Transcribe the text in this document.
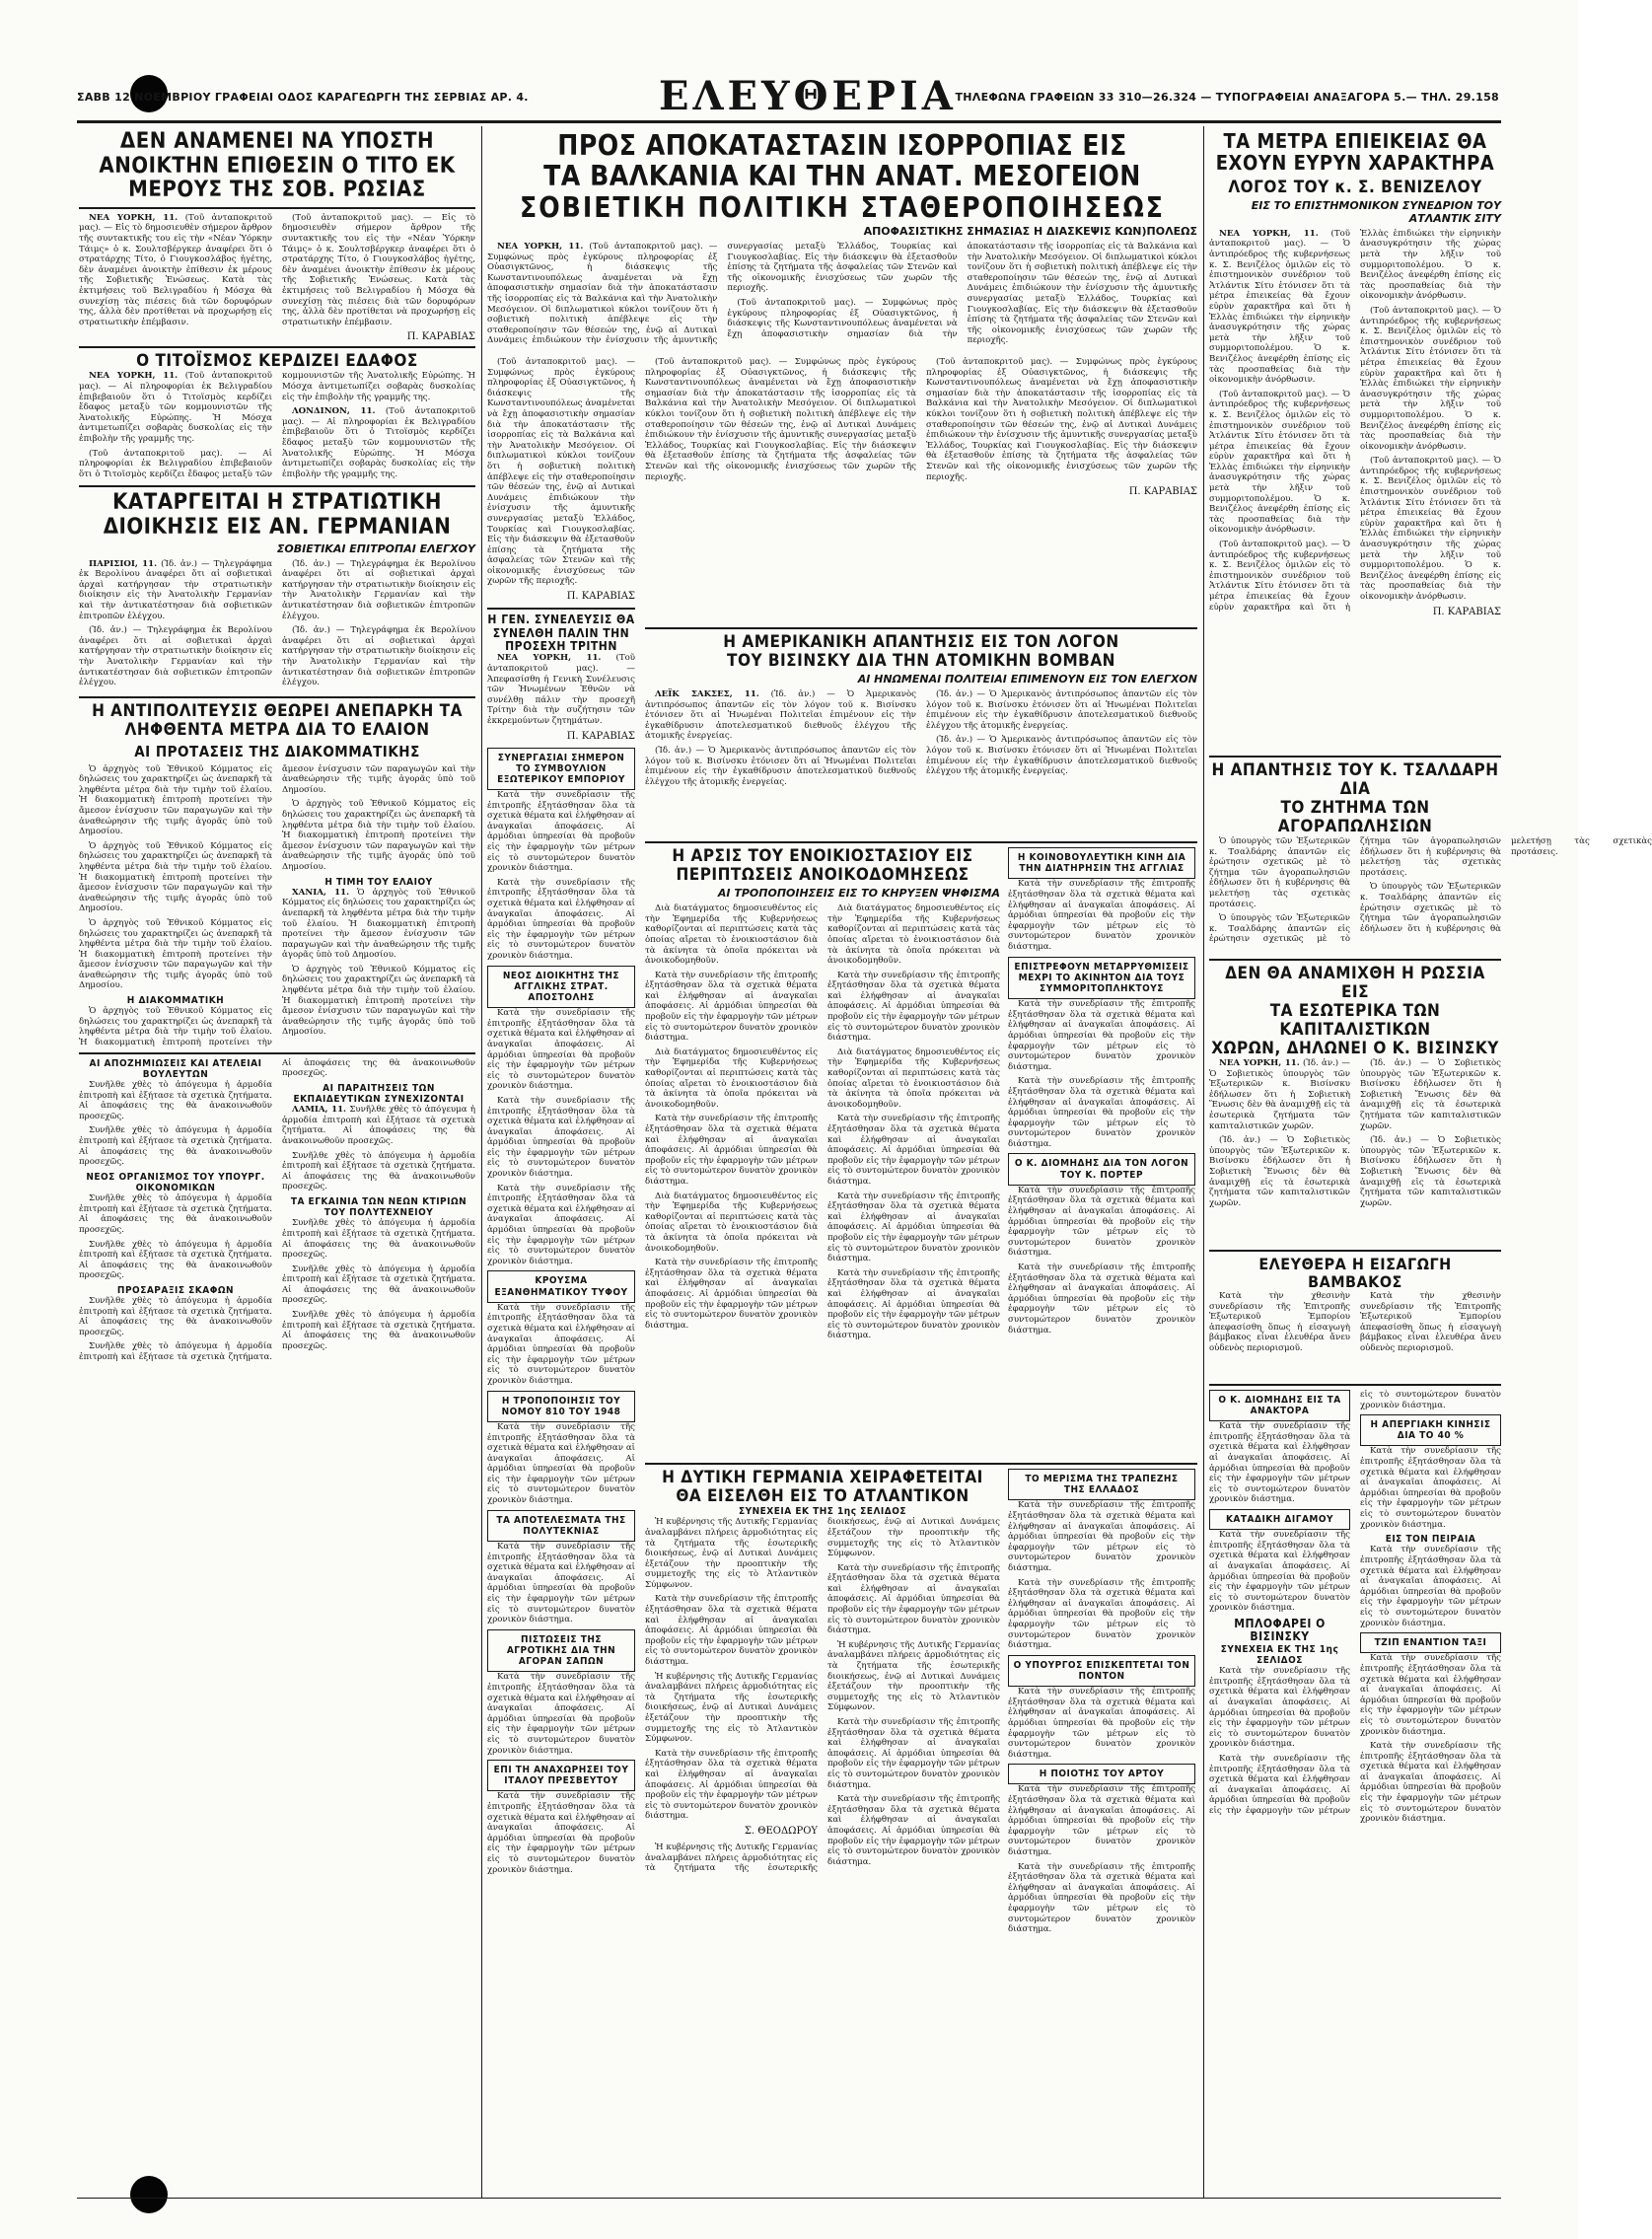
ΣΑΒΒ 12 ΝΟΕΜΒΡΙΟΥ ΓΡΑΦΕΙΑΙ ΟΔΟΣ ΚΑΡΑΓΕΩΡΓΗ ΤΗΣ ΣΕΡΒΙΑΣ ΑΡ. 4.	ΕΛΕΥΘΕΡΙΑ
ΤΗΛΕΦΩΝΑ ΓΡΑΦΕΙΩΝ 33 310—26.324 — ΤΥΠΟΓΡΑΦΕΙΑΙ ΑΝΑΞΑΓΟΡΑ 5.— ΤΗΛ. 29.158
ΔΕΝ ΑΝΑΜΕΝΕΙ ΝΑ ΥΠΟΣΤΗ ΑΝΟΙΚΤΗΝ ΕΠΙΘΕΣΙΝ Ο ΤΙΤΟ ΕΚ ΜΕΡΟΥΣ ΤΗΣ ΣΟΒ. ΡΩΣΙΑΣ

ΝΕΑ ΥΟΡΚΗ, 11. (Τοῦ ἀνταποκριτοῦ μας). — Εἰς τὸ δημοσιευθὲν σήμερον ἄρθρον τῆς συντακτικῆς του εἰς τὴν «Νέαν Ὑόρκην Τάιμς» ὁ κ. Σουλτσβέργκερ ἀναφέρει ὅτι ὁ στρατάρχης Τίτο, ὁ Γιουγκοσλάβος ἡγέτης, δὲν ἀναμένει ἀνοικτὴν ἐπίθεσιν ἐκ μέρους τῆς Σοβιετικῆς Ἑνώσεως. Κατὰ τὰς ἐκτιμήσεις τοῦ Βελιγραδίου ἡ Μόσχα θὰ συνεχίσῃ τὰς πιέσεις διὰ τῶν δορυφόρων της, ἀλλὰ δὲν προτίθεται νὰ προχωρήσῃ εἰς στρατιωτικὴν ἐπέμβασιν.

(Τοῦ ἀνταποκριτοῦ μας). — Εἰς τὸ δημοσιευθὲν σήμερον ἄρθρον τῆς συντακτικῆς του εἰς τὴν «Νέαν Ὑόρκην Τάιμς» ὁ κ. Σουλτσβέργκερ ἀναφέρει ὅτι ὁ στρατάρχης Τίτο, ὁ Γιουγκοσλάβος ἡγέτης, δὲν ἀναμένει ἀνοικτὴν ἐπίθεσιν ἐκ μέρους τῆς Σοβιετικῆς Ἑνώσεως. Κατὰ τὰς ἐκτιμήσεις τοῦ Βελιγραδίου ἡ Μόσχα θὰ συνεχίσῃ τὰς πιέσεις διὰ τῶν δορυφόρων της, ἀλλὰ δὲν προτίθεται νὰ προχωρήσῃ εἰς στρατιωτικὴν ἐπέμβασιν.

Π. ΚΑΡΑΒΙΑΣ

Ο ΤΙΤΟΪΣΜΟΣ ΚΕΡΔΙΖΕΙ ΕΔΑΦΟΣ

ΝΕΑ ΥΟΡΚΗ, 11. (Τοῦ ἀνταποκριτοῦ μας). — Αἱ πληροφορίαι ἐκ Βελιγραδίου ἐπιβεβαιοῦν ὅτι ὁ Τιτοϊσμὸς κερδίζει ἔδαφος μεταξὺ τῶν κομμουνιστῶν τῆς Ἀνατολικῆς Εὐρώπης. Ἡ Μόσχα ἀντιμετωπίζει σοβαρὰς δυσκολίας εἰς τὴν ἐπιβολὴν τῆς γραμμῆς της.

(Τοῦ ἀνταποκριτοῦ μας). — Αἱ πληροφορίαι ἐκ Βελιγραδίου ἐπιβεβαιοῦν ὅτι ὁ Τιτοϊσμὸς κερδίζει ἔδαφος μεταξὺ τῶν κομμουνιστῶν τῆς Ἀνατολικῆς Εὐρώπης. Ἡ Μόσχα ἀντιμετωπίζει σοβαρὰς δυσκολίας εἰς τὴν ἐπιβολὴν τῆς γραμμῆς της.

ΛΟΝΔΙΝΟΝ, 11. (Τοῦ ἀνταποκριτοῦ μας). — Αἱ πληροφορίαι ἐκ Βελιγραδίου ἐπιβεβαιοῦν ὅτι ὁ Τιτοϊσμὸς κερδίζει ἔδαφος μεταξὺ τῶν κομμουνιστῶν τῆς Ἀνατολικῆς Εὐρώπης. Ἡ Μόσχα ἀντιμετωπίζει σοβαρὰς δυσκολίας εἰς τὴν ἐπιβολὴν τῆς γραμμῆς της.

ΚΑΤΑΡΓΕΙΤΑΙ Η ΣΤΡΑΤΙΩΤΙΚΗ ΔΙΟΙΚΗΣΙΣ ΕΙΣ ΑΝ. ΓΕΡΜΑΝΙΑΝ

ΣΟΒΙΕΤΙΚΑΙ ΕΠΙΤΡΟΠΑΙ ΕΛΕΓΧΟΥ

ΠΑΡΙΣΙΟΙ, 11. (Ἰδ. ἀν.) — Τηλεγράφημα ἐκ Βερολίνου ἀναφέρει ὅτι αἱ σοβιετικαὶ ἀρχαὶ κατήργησαν τὴν στρατιωτικὴν διοίκησιν εἰς τὴν Ἀνατολικὴν Γερμανίαν καὶ τὴν ἀντικατέστησαν διὰ σοβιετικῶν ἐπιτροπῶν ἐλέγχου.

(Ἰδ. ἀν.) — Τηλεγράφημα ἐκ Βερολίνου ἀναφέρει ὅτι αἱ σοβιετικαὶ ἀρχαὶ κατήργησαν τὴν στρατιωτικὴν διοίκησιν εἰς τὴν Ἀνατολικὴν Γερμανίαν καὶ τὴν ἀντικατέστησαν διὰ σοβιετικῶν ἐπιτροπῶν ἐλέγχου.

(Ἰδ. ἀν.) — Τηλεγράφημα ἐκ Βερολίνου ἀναφέρει ὅτι αἱ σοβιετικαὶ ἀρχαὶ κατήργησαν τὴν στρατιωτικὴν διοίκησιν εἰς τὴν Ἀνατολικὴν Γερμανίαν καὶ τὴν ἀντικατέστησαν διὰ σοβιετικῶν ἐπιτροπῶν ἐλέγχου.

(Ἰδ. ἀν.) — Τηλεγράφημα ἐκ Βερολίνου ἀναφέρει ὅτι αἱ σοβιετικαὶ ἀρχαὶ κατήργησαν τὴν στρατιωτικὴν διοίκησιν εἰς τὴν Ἀνατολικὴν Γερμανίαν καὶ τὴν ἀντικατέστησαν διὰ σοβιετικῶν ἐπιτροπῶν ἐλέγχου.

Η ΑΝΤΙΠΟΛΙΤΕΥΣΙΣ ΘΕΩΡΕΙ ΑΝΕΠΑΡΚΗ ΤΑ ΛΗΦΘΕΝΤΑ ΜΕΤΡΑ ΔΙΑ ΤΟ ΕΛΑΙΟΝ

ΑΙ ΠΡΟΤΑΣΕΙΣ ΤΗΣ ΔΙΑΚΟΜΜΑΤΙΚΗΣ

Ὁ ἀρχηγὸς τοῦ Ἐθνικοῦ Κόμματος εἰς δηλώσεις του χαρακτηρίζει ὡς ἀνεπαρκῆ τὰ ληφθέντα μέτρα διὰ τὴν τιμὴν τοῦ ἐλαίου. Ἡ διακομματικὴ ἐπιτροπὴ προτείνει τὴν ἄμεσον ἐνίσχυσιν τῶν παραγωγῶν καὶ τὴν ἀναθεώρησιν τῆς τιμῆς ἀγορᾶς ὑπὸ τοῦ Δημοσίου.

Ὁ ἀρχηγὸς τοῦ Ἐθνικοῦ Κόμματος εἰς δηλώσεις του χαρακτηρίζει ὡς ἀνεπαρκῆ τὰ ληφθέντα μέτρα διὰ τὴν τιμὴν τοῦ ἐλαίου. Ἡ διακομματικὴ ἐπιτροπὴ προτείνει τὴν ἄμεσον ἐνίσχυσιν τῶν παραγωγῶν καὶ τὴν ἀναθεώρησιν τῆς τιμῆς ἀγορᾶς ὑπὸ τοῦ Δημοσίου.

Ὁ ἀρχηγὸς τοῦ Ἐθνικοῦ Κόμματος εἰς δηλώσεις του χαρακτηρίζει ὡς ἀνεπαρκῆ τὰ ληφθέντα μέτρα διὰ τὴν τιμὴν τοῦ ἐλαίου. Ἡ διακομματικὴ ἐπιτροπὴ προτείνει τὴν ἄμεσον ἐνίσχυσιν τῶν παραγωγῶν καὶ τὴν ἀναθεώρησιν τῆς τιμῆς ἀγορᾶς ὑπὸ τοῦ Δημοσίου.

Η ΔΙΑΚΟΜΜΑΤΙΚΗ

Ὁ ἀρχηγὸς τοῦ Ἐθνικοῦ Κόμματος εἰς δηλώσεις του χαρακτηρίζει ὡς ἀνεπαρκῆ τὰ ληφθέντα μέτρα διὰ τὴν τιμὴν τοῦ ἐλαίου. Ἡ διακομματικὴ ἐπιτροπὴ προτείνει τὴν ἄμεσον ἐνίσχυσιν τῶν παραγωγῶν καὶ τὴν ἀναθεώρησιν τῆς τιμῆς ἀγορᾶς ὑπὸ τοῦ Δημοσίου.

Ὁ ἀρχηγὸς τοῦ Ἐθνικοῦ Κόμματος εἰς δηλώσεις του χαρακτηρίζει ὡς ἀνεπαρκῆ τὰ ληφθέντα μέτρα διὰ τὴν τιμὴν τοῦ ἐλαίου. Ἡ διακομματικὴ ἐπιτροπὴ προτείνει τὴν ἄμεσον ἐνίσχυσιν τῶν παραγωγῶν καὶ τὴν ἀναθεώρησιν τῆς τιμῆς ἀγορᾶς ὑπὸ τοῦ Δημοσίου.

Η ΤΙΜΗ ΤΟΥ ΕΛΑΙΟΥ

ΧΑΝΙΑ, 11. Ὁ ἀρχηγὸς τοῦ Ἐθνικοῦ Κόμματος εἰς δηλώσεις του χαρακτηρίζει ὡς ἀνεπαρκῆ τὰ ληφθέντα μέτρα διὰ τὴν τιμὴν τοῦ ἐλαίου. Ἡ διακομματικὴ ἐπιτροπὴ προτείνει τὴν ἄμεσον ἐνίσχυσιν τῶν παραγωγῶν καὶ τὴν ἀναθεώρησιν τῆς τιμῆς ἀγορᾶς ὑπὸ τοῦ Δημοσίου.

Ὁ ἀρχηγὸς τοῦ Ἐθνικοῦ Κόμματος εἰς δηλώσεις του χαρακτηρίζει ὡς ἀνεπαρκῆ τὰ ληφθέντα μέτρα διὰ τὴν τιμὴν τοῦ ἐλαίου. Ἡ διακομματικὴ ἐπιτροπὴ προτείνει τὴν ἄμεσον ἐνίσχυσιν τῶν παραγωγῶν καὶ τὴν ἀναθεώρησιν τῆς τιμῆς ἀγορᾶς ὑπὸ τοῦ Δημοσίου.

ΑΙ ΑΠΟΖΗΜΙΩΣΕΙΣ ΚΑΙ ΑΤΕΛΕΙΑΙ ΒΟΥΛΕΥΤΩΝ

Συνῆλθε χθὲς τὸ ἀπόγευμα ἡ ἁρμοδία ἐπιτροπὴ καὶ ἐξήτασε τὰ σχετικὰ ζητήματα. Αἱ ἀποφάσεις της θὰ ἀνακοινωθοῦν προσεχῶς.

Συνῆλθε χθὲς τὸ ἀπόγευμα ἡ ἁρμοδία ἐπιτροπὴ καὶ ἐξήτασε τὰ σχετικὰ ζητήματα. Αἱ ἀποφάσεις της θὰ ἀνακοινωθοῦν προσεχῶς.

ΝΕΟΣ ΟΡΓΑΝΙΣΜΟΣ ΤΟΥ ΥΠΟΥΡΓ. ΟΙΚΟΝΟΜΙΚΩΝ

Συνῆλθε χθὲς τὸ ἀπόγευμα ἡ ἁρμοδία ἐπιτροπὴ καὶ ἐξήτασε τὰ σχετικὰ ζητήματα. Αἱ ἀποφάσεις της θὰ ἀνακοινωθοῦν προσεχῶς.

Συνῆλθε χθὲς τὸ ἀπόγευμα ἡ ἁρμοδία ἐπιτροπὴ καὶ ἐξήτασε τὰ σχετικὰ ζητήματα. Αἱ ἀποφάσεις της θὰ ἀνακοινωθοῦν προσεχῶς.

ΠΡΟΣΑΡΑΞΙΣ ΣΚΑΦΩΝ

Συνῆλθε χθὲς τὸ ἀπόγευμα ἡ ἁρμοδία ἐπιτροπὴ καὶ ἐξήτασε τὰ σχετικὰ ζητήματα. Αἱ ἀποφάσεις της θὰ ἀνακοινωθοῦν προσεχῶς.

Συνῆλθε χθὲς τὸ ἀπόγευμα ἡ ἁρμοδία ἐπιτροπὴ καὶ ἐξήτασε τὰ σχετικὰ ζητήματα. Αἱ ἀποφάσεις της θὰ ἀνακοινωθοῦν προσεχῶς.

ΑΙ ΠΑΡΑΙΤΗΣΕΙΣ ΤΩΝ ΕΚΠΑΙΔΕΥΤΙΚΩΝ ΣΥΝΕΧΙΖΟΝΤΑΙ

ΛΑΜΙΑ, 11. Συνῆλθε χθὲς τὸ ἀπόγευμα ἡ ἁρμοδία ἐπιτροπὴ καὶ ἐξήτασε τὰ σχετικὰ ζητήματα. Αἱ ἀποφάσεις της θὰ ἀνακοινωθοῦν προσεχῶς.

Συνῆλθε χθὲς τὸ ἀπόγευμα ἡ ἁρμοδία ἐπιτροπὴ καὶ ἐξήτασε τὰ σχετικὰ ζητήματα. Αἱ ἀποφάσεις της θὰ ἀνακοινωθοῦν προσεχῶς.

ΤΑ ΕΓΚΑΙΝΙΑ ΤΩΝ ΝΕΩΝ ΚΤΙΡΙΩΝ ΤΟΥ ΠΟΛΥΤΕΧΝΕΙΟΥ

Συνῆλθε χθὲς τὸ ἀπόγευμα ἡ ἁρμοδία ἐπιτροπὴ καὶ ἐξήτασε τὰ σχετικὰ ζητήματα. Αἱ ἀποφάσεις της θὰ ἀνακοινωθοῦν προσεχῶς.

Συνῆλθε χθὲς τὸ ἀπόγευμα ἡ ἁρμοδία ἐπιτροπὴ καὶ ἐξήτασε τὰ σχετικὰ ζητήματα. Αἱ ἀποφάσεις της θὰ ἀνακοινωθοῦν προσεχῶς.

Συνῆλθε χθὲς τὸ ἀπόγευμα ἡ ἁρμοδία ἐπιτροπὴ καὶ ἐξήτασε τὰ σχετικὰ ζητήματα. Αἱ ἀποφάσεις της θὰ ἀνακοινωθοῦν προσεχῶς.

ΠΡΟΣ ΑΠΟΚΑΤΑΣΤΑΣΙΝ ΙΣΟΡΡΟΠΙΑΣ ΕΙΣ
ΤΑ ΒΑΛΚΑΝΙΑ ΚΑΙ ΤΗΝ ΑΝΑΤ. ΜΕΣΟΓΕΙΟΝ
ΣΟΒΙΕΤΙΚΗ ΠΟΛΙΤΙΚΗ ΣΤΑΘΕΡΟΠΟΙΗΣΕΩΣ

ΑΠΟΦΑΣΙΣΤΙΚΗΣ ΣΗΜΑΣΙΑΣ Η ΔΙΑΣΚΕΨΙΣ ΚΩΝ)ΠΟΛΕΩΣ

ΝΕΑ ΥΟΡΚΗ, 11. (Τοῦ ἀνταποκριτοῦ μας). — Συμφώνως πρὸς ἐγκύρους πληροφορίας ἐξ Οὐασιγκτῶνος, ἡ διάσκεψις τῆς Κωνσταντινουπόλεως ἀναμένεται νὰ ἔχῃ ἀποφασιστικὴν σημασίαν διὰ τὴν ἀποκατάστασιν τῆς ἰσορροπίας εἰς τὰ Βαλκάνια καὶ τὴν Ἀνατολικὴν Μεσόγειον. Οἱ διπλωματικοὶ κύκλοι τονίζουν ὅτι ἡ σοβιετικὴ πολιτικὴ ἀπέβλεψε εἰς τὴν σταθεροποίησιν τῶν θέσεών της, ἐνῷ αἱ Δυτικαὶ Δυνάμεις ἐπιδιώκουν τὴν ἐνίσχυσιν τῆς ἀμυντικῆς συνεργασίας μεταξὺ Ἑλλάδος, Τουρκίας καὶ Γιουγκοσλαβίας. Εἰς τὴν διάσκεψιν θὰ ἐξετασθοῦν ἐπίσης τὰ ζητήματα τῆς ἀσφαλείας τῶν Στενῶν καὶ τῆς οἰκονομικῆς ἐνισχύσεως τῶν χωρῶν τῆς περιοχῆς.

(Τοῦ ἀνταποκριτοῦ μας). — Συμφώνως πρὸς ἐγκύρους πληροφορίας ἐξ Οὐασιγκτῶνος, ἡ διάσκεψις τῆς Κωνσταντινουπόλεως ἀναμένεται νὰ ἔχῃ ἀποφασιστικὴν σημασίαν διὰ τὴν ἀποκατάστασιν τῆς ἰσορροπίας εἰς τὰ Βαλκάνια καὶ τὴν Ἀνατολικὴν Μεσόγειον. Οἱ διπλωματικοὶ κύκλοι τονίζουν ὅτι ἡ σοβιετικὴ πολιτικὴ ἀπέβλεψε εἰς τὴν σταθεροποίησιν τῶν θέσεών της, ἐνῷ αἱ Δυτικαὶ Δυνάμεις ἐπιδιώκουν τὴν ἐνίσχυσιν τῆς ἀμυντικῆς συνεργασίας μεταξὺ Ἑλλάδος, Τουρκίας καὶ Γιουγκοσλαβίας. Εἰς τὴν διάσκεψιν θὰ ἐξετασθοῦν ἐπίσης τὰ ζητήματα τῆς ἀσφαλείας τῶν Στενῶν καὶ τῆς οἰκονομικῆς ἐνισχύσεως τῶν χωρῶν τῆς περιοχῆς.

(Τοῦ ἀνταποκριτοῦ μας). — Συμφώνως πρὸς ἐγκύρους πληροφορίας ἐξ Οὐασιγκτῶνος, ἡ διάσκεψις τῆς Κωνσταντινουπόλεως ἀναμένεται νὰ ἔχῃ ἀποφασιστικὴν σημασίαν διὰ τὴν ἀποκατάστασιν τῆς ἰσορροπίας εἰς τὰ Βαλκάνια καὶ τὴν Ἀνατολικὴν Μεσόγειον. Οἱ διπλωματικοὶ κύκλοι τονίζουν ὅτι ἡ σοβιετικὴ πολιτικὴ ἀπέβλεψε εἰς τὴν σταθεροποίησιν τῶν θέσεών της, ἐνῷ αἱ Δυτικαὶ Δυνάμεις ἐπιδιώκουν τὴν ἐνίσχυσιν τῆς ἀμυντικῆς συνεργασίας μεταξὺ Ἑλλάδος, Τουρκίας καὶ Γιουγκοσλαβίας. Εἰς τὴν διάσκεψιν θὰ ἐξετασθοῦν ἐπίσης τὰ ζητήματα τῆς ἀσφαλείας τῶν Στενῶν καὶ τῆς οἰκονομικῆς ἐνισχύσεως τῶν χωρῶν τῆς περιοχῆς.

Π. ΚΑΡΑΒΙΑΣ

Η ΓΕΝ. ΣΥΝΕΛΕΥΣΙΣ ΘΑ ΣΥΝΕΛΘΗ ΠΑΛΙΝ ΤΗΝ ΠΡΟΣΕΧΗ ΤΡΙΤΗΝ

ΝΕΑ ΥΟΡΚΗ, 11. (Τοῦ ἀνταποκριτοῦ μας). — Ἀπεφασίσθη ἡ Γενικὴ Συνέλευσις τῶν Ἡνωμένων Ἐθνῶν νὰ συνέλθῃ πάλιν τὴν προσεχῆ Τρίτην διὰ τὴν συζήτησιν τῶν ἐκκρεμούντων ζητημάτων.

Π. ΚΑΡΑΒΙΑΣ

ΣΥΝΕΡΓΑΣΙΑΙ ΣΗΜΕΡΟΝ ΤΟ ΣΥΜΒΟΥΛΙΟΝ ΕΞΩΤΕΡΙΚΟΥ ΕΜΠΟΡΙΟΥ

Κατὰ τὴν συνεδρίασιν τῆς ἐπιτροπῆς ἐξητάσθησαν ὅλα τὰ σχετικὰ θέματα καὶ ἐλήφθησαν αἱ ἀναγκαῖαι ἀποφάσεις. Αἱ ἁρμόδιαι ὑπηρεσίαι θὰ προβοῦν εἰς τὴν ἐφαρμογὴν τῶν μέτρων εἰς τὸ συντομώτερον δυνατὸν χρονικὸν διάστημα.

Κατὰ τὴν συνεδρίασιν τῆς ἐπιτροπῆς ἐξητάσθησαν ὅλα τὰ σχετικὰ θέματα καὶ ἐλήφθησαν αἱ ἀναγκαῖαι ἀποφάσεις. Αἱ ἁρμόδιαι ὑπηρεσίαι θὰ προβοῦν εἰς τὴν ἐφαρμογὴν τῶν μέτρων εἰς τὸ συντομώτερον δυνατὸν χρονικὸν διάστημα.

ΝΕΟΣ ΔΙΟΙΚΗΤΗΣ ΤΗΣ ΑΓΓΛΙΚΗΣ ΣΤΡΑΤ. ΑΠΟΣΤΟΛΗΣ

Κατὰ τὴν συνεδρίασιν τῆς ἐπιτροπῆς ἐξητάσθησαν ὅλα τὰ σχετικὰ θέματα καὶ ἐλήφθησαν αἱ ἀναγκαῖαι ἀποφάσεις. Αἱ ἁρμόδιαι ὑπηρεσίαι θὰ προβοῦν εἰς τὴν ἐφαρμογὴν τῶν μέτρων εἰς τὸ συντομώτερον δυνατὸν χρονικὸν διάστημα.

Κατὰ τὴν συνεδρίασιν τῆς ἐπιτροπῆς ἐξητάσθησαν ὅλα τὰ σχετικὰ θέματα καὶ ἐλήφθησαν αἱ ἀναγκαῖαι ἀποφάσεις. Αἱ ἁρμόδιαι ὑπηρεσίαι θὰ προβοῦν εἰς τὴν ἐφαρμογὴν τῶν μέτρων εἰς τὸ συντομώτερον δυνατὸν χρονικὸν διάστημα.

Κατὰ τὴν συνεδρίασιν τῆς ἐπιτροπῆς ἐξητάσθησαν ὅλα τὰ σχετικὰ θέματα καὶ ἐλήφθησαν αἱ ἀναγκαῖαι ἀποφάσεις. Αἱ ἁρμόδιαι ὑπηρεσίαι θὰ προβοῦν εἰς τὴν ἐφαρμογὴν τῶν μέτρων εἰς τὸ συντομώτερον δυνατὸν χρονικὸν διάστημα.

ΚΡΟΥΣΜΑ ΕΞΑΝΘΗΜΑΤΙΚΟΥ ΤΥΦΟΥ

Κατὰ τὴν συνεδρίασιν τῆς ἐπιτροπῆς ἐξητάσθησαν ὅλα τὰ σχετικὰ θέματα καὶ ἐλήφθησαν αἱ ἀναγκαῖαι ἀποφάσεις. Αἱ ἁρμόδιαι ὑπηρεσίαι θὰ προβοῦν εἰς τὴν ἐφαρμογὴν τῶν μέτρων εἰς τὸ συντομώτερον δυνατὸν χρονικὸν διάστημα.

Η ΤΡΟΠΟΠΟΙΗΣΙΣ ΤΟΥ ΝΟΜΟΥ 810 ΤΟΥ 1948

Κατὰ τὴν συνεδρίασιν τῆς ἐπιτροπῆς ἐξητάσθησαν ὅλα τὰ σχετικὰ θέματα καὶ ἐλήφθησαν αἱ ἀναγκαῖαι ἀποφάσεις. Αἱ ἁρμόδιαι ὑπηρεσίαι θὰ προβοῦν εἰς τὴν ἐφαρμογὴν τῶν μέτρων εἰς τὸ συντομώτερον δυνατὸν χρονικὸν διάστημα.

ΤΑ ΑΠΟΤΕΛΕΣΜΑΤΑ ΤΗΣ ΠΟΛΥΤΕΚΝΙΑΣ

Κατὰ τὴν συνεδρίασιν τῆς ἐπιτροπῆς ἐξητάσθησαν ὅλα τὰ σχετικὰ θέματα καὶ ἐλήφθησαν αἱ ἀναγκαῖαι ἀποφάσεις. Αἱ ἁρμόδιαι ὑπηρεσίαι θὰ προβοῦν εἰς τὴν ἐφαρμογὴν τῶν μέτρων εἰς τὸ συντομώτερον δυνατὸν χρονικὸν διάστημα.

ΠΙΣΤΩΣΕΙΣ ΤΗΣ ΑΓΡΟΤΙΚΗΣ ΔΙΑ ΤΗΝ ΑΓΟΡΑΝ ΣΑΠΩΝ

Κατὰ τὴν συνεδρίασιν τῆς ἐπιτροπῆς ἐξητάσθησαν ὅλα τὰ σχετικὰ θέματα καὶ ἐλήφθησαν αἱ ἀναγκαῖαι ἀποφάσεις. Αἱ ἁρμόδιαι ὑπηρεσίαι θὰ προβοῦν εἰς τὴν ἐφαρμογὴν τῶν μέτρων εἰς τὸ συντομώτερον δυνατὸν χρονικὸν διάστημα.

ΕΠΙ ΤΗ ΑΝΑΧΩΡΗΣΕΙ ΤΟΥ ΙΤΑΛΟΥ ΠΡΕΣΒΕΥΤΟΥ

Κατὰ τὴν συνεδρίασιν τῆς ἐπιτροπῆς ἐξητάσθησαν ὅλα τὰ σχετικὰ θέματα καὶ ἐλήφθησαν αἱ ἀναγκαῖαι ἀποφάσεις. Αἱ ἁρμόδιαι ὑπηρεσίαι θὰ προβοῦν εἰς τὴν ἐφαρμογὴν τῶν μέτρων εἰς τὸ συντομώτερον δυνατὸν χρονικὸν διάστημα.

(Τοῦ ἀνταποκριτοῦ μας). — Συμφώνως πρὸς ἐγκύρους πληροφορίας ἐξ Οὐασιγκτῶνος, ἡ διάσκεψις τῆς Κωνσταντινουπόλεως ἀναμένεται νὰ ἔχῃ ἀποφασιστικὴν σημασίαν διὰ τὴν ἀποκατάστασιν τῆς ἰσορροπίας εἰς τὰ Βαλκάνια καὶ τὴν Ἀνατολικὴν Μεσόγειον. Οἱ διπλωματικοὶ κύκλοι τονίζουν ὅτι ἡ σοβιετικὴ πολιτικὴ ἀπέβλεψε εἰς τὴν σταθεροποίησιν τῶν θέσεών της, ἐνῷ αἱ Δυτικαὶ Δυνάμεις ἐπιδιώκουν τὴν ἐνίσχυσιν τῆς ἀμυντικῆς συνεργασίας μεταξὺ Ἑλλάδος, Τουρκίας καὶ Γιουγκοσλαβίας. Εἰς τὴν διάσκεψιν θὰ ἐξετασθοῦν ἐπίσης τὰ ζητήματα τῆς ἀσφαλείας τῶν Στενῶν καὶ τῆς οἰκονομικῆς ἐνισχύσεως τῶν χωρῶν τῆς περιοχῆς.

(Τοῦ ἀνταποκριτοῦ μας). — Συμφώνως πρὸς ἐγκύρους πληροφορίας ἐξ Οὐασιγκτῶνος, ἡ διάσκεψις τῆς Κωνσταντινουπόλεως ἀναμένεται νὰ ἔχῃ ἀποφασιστικὴν σημασίαν διὰ τὴν ἀποκατάστασιν τῆς ἰσορροπίας εἰς τὰ Βαλκάνια καὶ τὴν Ἀνατολικὴν Μεσόγειον. Οἱ διπλωματικοὶ κύκλοι τονίζουν ὅτι ἡ σοβιετικὴ πολιτικὴ ἀπέβλεψε εἰς τὴν σταθεροποίησιν τῶν θέσεών της, ἐνῷ αἱ Δυτικαὶ Δυνάμεις ἐπιδιώκουν τὴν ἐνίσχυσιν τῆς ἀμυντικῆς συνεργασίας μεταξὺ Ἑλλάδος, Τουρκίας καὶ Γιουγκοσλαβίας. Εἰς τὴν διάσκεψιν θὰ ἐξετασθοῦν ἐπίσης τὰ ζητήματα τῆς ἀσφαλείας τῶν Στενῶν καὶ τῆς οἰκονομικῆς ἐνισχύσεως τῶν χωρῶν τῆς περιοχῆς.

Π. ΚΑΡΑΒΙΑΣ

Η ΑΜΕΡΙΚΑΝΙΚΗ ΑΠΑΝΤΗΣΙΣ ΕΙΣ ΤΟΝ ΛΟΓΟΝ
ΤΟΥ ΒΙΣΙΝΣΚΥ ΔΙΑ ΤΗΝ ΑΤΟΜΙΚΗΝ ΒΟΜΒΑΝ

ΑΙ ΗΝΩΜΕΝΑΙ ΠΟΛΙΤΕΙΑΙ ΕΠΙΜΕΝΟΥΝ ΕΙΣ ΤΟΝ ΕΛΕΓΧΟΝ

ΛΕΪΚ ΣΑΚΣΕΣ, 11. (Ἰδ. ἀν.) — Ὁ Ἀμερικανὸς ἀντιπρόσωπος ἀπαντῶν εἰς τὸν λόγον τοῦ κ. Βισίνσκυ ἐτόνισεν ὅτι αἱ Ἡνωμέναι Πολιτεῖαι ἐπιμένουν εἰς τὴν ἐγκαθίδρυσιν ἀποτελεσματικοῦ διεθνοῦς ἐλέγχου τῆς ἀτομικῆς ἐνεργείας.

(Ἰδ. ἀν.) — Ὁ Ἀμερικανὸς ἀντιπρόσωπος ἀπαντῶν εἰς τὸν λόγον τοῦ κ. Βισίνσκυ ἐτόνισεν ὅτι αἱ Ἡνωμέναι Πολιτεῖαι ἐπιμένουν εἰς τὴν ἐγκαθίδρυσιν ἀποτελεσματικοῦ διεθνοῦς ἐλέγχου τῆς ἀτομικῆς ἐνεργείας.

(Ἰδ. ἀν.) — Ὁ Ἀμερικανὸς ἀντιπρόσωπος ἀπαντῶν εἰς τὸν λόγον τοῦ κ. Βισίνσκυ ἐτόνισεν ὅτι αἱ Ἡνωμέναι Πολιτεῖαι ἐπιμένουν εἰς τὴν ἐγκαθίδρυσιν ἀποτελεσματικοῦ διεθνοῦς ἐλέγχου τῆς ἀτομικῆς ἐνεργείας.

(Ἰδ. ἀν.) — Ὁ Ἀμερικανὸς ἀντιπρόσωπος ἀπαντῶν εἰς τὸν λόγον τοῦ κ. Βισίνσκυ ἐτόνισεν ὅτι αἱ Ἡνωμέναι Πολιτεῖαι ἐπιμένουν εἰς τὴν ἐγκαθίδρυσιν ἀποτελεσματικοῦ διεθνοῦς ἐλέγχου τῆς ἀτομικῆς ἐνεργείας.

Η ΑΡΣΙΣ ΤΟΥ ΕΝΟΙΚΙΟΣΤΑΣΙΟΥ ΕΙΣ
ΠΕΡΙΠΤΩΣΕΙΣ ΑΝΟΙΚΟΔΟΜΗΣΕΩΣ

ΑΙ ΤΡΟΠΟΠΟΙΗΣΕΙΣ ΕΙΣ ΤΟ ΚΗΡΥΞΕΝ ΨΗΦΙΣΜΑ

Διὰ διατάγματος δημοσιευθέντος εἰς τὴν Ἐφημερίδα τῆς Κυβερνήσεως καθορίζονται αἱ περιπτώσεις κατὰ τὰς ὁποίας αἴρεται τὸ ἐνοικιοστάσιον διὰ τὰ ἀκίνητα τὰ ὁποῖα πρόκειται νὰ ἀνοικοδομηθοῦν.

Κατὰ τὴν συνεδρίασιν τῆς ἐπιτροπῆς ἐξητάσθησαν ὅλα τὰ σχετικὰ θέματα καὶ ἐλήφθησαν αἱ ἀναγκαῖαι ἀποφάσεις. Αἱ ἁρμόδιαι ὑπηρεσίαι θὰ προβοῦν εἰς τὴν ἐφαρμογὴν τῶν μέτρων εἰς τὸ συντομώτερον δυνατὸν χρονικὸν διάστημα.

Διὰ διατάγματος δημοσιευθέντος εἰς τὴν Ἐφημερίδα τῆς Κυβερνήσεως καθορίζονται αἱ περιπτώσεις κατὰ τὰς ὁποίας αἴρεται τὸ ἐνοικιοστάσιον διὰ τὰ ἀκίνητα τὰ ὁποῖα πρόκειται νὰ ἀνοικοδομηθοῦν.

Κατὰ τὴν συνεδρίασιν τῆς ἐπιτροπῆς ἐξητάσθησαν ὅλα τὰ σχετικὰ θέματα καὶ ἐλήφθησαν αἱ ἀναγκαῖαι ἀποφάσεις. Αἱ ἁρμόδιαι ὑπηρεσίαι θὰ προβοῦν εἰς τὴν ἐφαρμογὴν τῶν μέτρων εἰς τὸ συντομώτερον δυνατὸν χρονικὸν διάστημα.

Διὰ διατάγματος δημοσιευθέντος εἰς τὴν Ἐφημερίδα τῆς Κυβερνήσεως καθορίζονται αἱ περιπτώσεις κατὰ τὰς ὁποίας αἴρεται τὸ ἐνοικιοστάσιον διὰ τὰ ἀκίνητα τὰ ὁποῖα πρόκειται νὰ ἀνοικοδομηθοῦν.

Κατὰ τὴν συνεδρίασιν τῆς ἐπιτροπῆς ἐξητάσθησαν ὅλα τὰ σχετικὰ θέματα καὶ ἐλήφθησαν αἱ ἀναγκαῖαι ἀποφάσεις. Αἱ ἁρμόδιαι ὑπηρεσίαι θὰ προβοῦν εἰς τὴν ἐφαρμογὴν τῶν μέτρων εἰς τὸ συντομώτερον δυνατὸν χρονικὸν διάστημα.

Διὰ διατάγματος δημοσιευθέντος εἰς τὴν Ἐφημερίδα τῆς Κυβερνήσεως καθορίζονται αἱ περιπτώσεις κατὰ τὰς ὁποίας αἴρεται τὸ ἐνοικιοστάσιον διὰ τὰ ἀκίνητα τὰ ὁποῖα πρόκειται νὰ ἀνοικοδομηθοῦν.

Κατὰ τὴν συνεδρίασιν τῆς ἐπιτροπῆς ἐξητάσθησαν ὅλα τὰ σχετικὰ θέματα καὶ ἐλήφθησαν αἱ ἀναγκαῖαι ἀποφάσεις. Αἱ ἁρμόδιαι ὑπηρεσίαι θὰ προβοῦν εἰς τὴν ἐφαρμογὴν τῶν μέτρων εἰς τὸ συντομώτερον δυνατὸν χρονικὸν διάστημα.

Διὰ διατάγματος δημοσιευθέντος εἰς τὴν Ἐφημερίδα τῆς Κυβερνήσεως καθορίζονται αἱ περιπτώσεις κατὰ τὰς ὁποίας αἴρεται τὸ ἐνοικιοστάσιον διὰ τὰ ἀκίνητα τὰ ὁποῖα πρόκειται νὰ ἀνοικοδομηθοῦν.

Κατὰ τὴν συνεδρίασιν τῆς ἐπιτροπῆς ἐξητάσθησαν ὅλα τὰ σχετικὰ θέματα καὶ ἐλήφθησαν αἱ ἀναγκαῖαι ἀποφάσεις. Αἱ ἁρμόδιαι ὑπηρεσίαι θὰ προβοῦν εἰς τὴν ἐφαρμογὴν τῶν μέτρων εἰς τὸ συντομώτερον δυνατὸν χρονικὸν διάστημα.

Κατὰ τὴν συνεδρίασιν τῆς ἐπιτροπῆς ἐξητάσθησαν ὅλα τὰ σχετικὰ θέματα καὶ ἐλήφθησαν αἱ ἀναγκαῖαι ἀποφάσεις. Αἱ ἁρμόδιαι ὑπηρεσίαι θὰ προβοῦν εἰς τὴν ἐφαρμογὴν τῶν μέτρων εἰς τὸ συντομώτερον δυνατὸν χρονικὸν διάστημα.

Κατὰ τὴν συνεδρίασιν τῆς ἐπιτροπῆς ἐξητάσθησαν ὅλα τὰ σχετικὰ θέματα καὶ ἐλήφθησαν αἱ ἀναγκαῖαι ἀποφάσεις. Αἱ ἁρμόδιαι ὑπηρεσίαι θὰ προβοῦν εἰς τὴν ἐφαρμογὴν τῶν μέτρων εἰς τὸ συντομώτερον δυνατὸν χρονικὸν διάστημα.

Η ΚΟΙΝΟΒΟΥΛΕΥΤΙΚΗ ΚΙΝΗ ΔΙΑ ΤΗΝ ΔΙΑΤΗΡΗΣΙΝ ΤΗΣ ΑΓΓΛΙΑΣ

Κατὰ τὴν συνεδρίασιν τῆς ἐπιτροπῆς ἐξητάσθησαν ὅλα τὰ σχετικὰ θέματα καὶ ἐλήφθησαν αἱ ἀναγκαῖαι ἀποφάσεις. Αἱ ἁρμόδιαι ὑπηρεσίαι θὰ προβοῦν εἰς τὴν ἐφαρμογὴν τῶν μέτρων εἰς τὸ συντομώτερον δυνατὸν χρονικὸν διάστημα.

ΕΠΙΣΤΡΕΦΟΥΝ ΜΕΤΑΡΡΥΘΜΙΣΕΙΣ ΜΕΧΡΙ ΤΟ ΑΚΙΝΗΤΟΝ ΔΙΑ ΤΟΥΣ ΣΥΜΜΟΡΙΤΟΠΛΗΚΤΟΥΣ

Κατὰ τὴν συνεδρίασιν τῆς ἐπιτροπῆς ἐξητάσθησαν ὅλα τὰ σχετικὰ θέματα καὶ ἐλήφθησαν αἱ ἀναγκαῖαι ἀποφάσεις. Αἱ ἁρμόδιαι ὑπηρεσίαι θὰ προβοῦν εἰς τὴν ἐφαρμογὴν τῶν μέτρων εἰς τὸ συντομώτερον δυνατὸν χρονικὸν διάστημα.

Κατὰ τὴν συνεδρίασιν τῆς ἐπιτροπῆς ἐξητάσθησαν ὅλα τὰ σχετικὰ θέματα καὶ ἐλήφθησαν αἱ ἀναγκαῖαι ἀποφάσεις. Αἱ ἁρμόδιαι ὑπηρεσίαι θὰ προβοῦν εἰς τὴν ἐφαρμογὴν τῶν μέτρων εἰς τὸ συντομώτερον δυνατὸν χρονικὸν διάστημα.

Ο Κ. ΔΙΟΜΗΔΗΣ ΔΙΑ ΤΟΝ ΛΟΓΟΝ ΤΟΥ Κ. ΠΟΡΤΕΡ

Κατὰ τὴν συνεδρίασιν τῆς ἐπιτροπῆς ἐξητάσθησαν ὅλα τὰ σχετικὰ θέματα καὶ ἐλήφθησαν αἱ ἀναγκαῖαι ἀποφάσεις. Αἱ ἁρμόδιαι ὑπηρεσίαι θὰ προβοῦν εἰς τὴν ἐφαρμογὴν τῶν μέτρων εἰς τὸ συντομώτερον δυνατὸν χρονικὸν διάστημα.

Κατὰ τὴν συνεδρίασιν τῆς ἐπιτροπῆς ἐξητάσθησαν ὅλα τὰ σχετικὰ θέματα καὶ ἐλήφθησαν αἱ ἀναγκαῖαι ἀποφάσεις. Αἱ ἁρμόδιαι ὑπηρεσίαι θὰ προβοῦν εἰς τὴν ἐφαρμογὴν τῶν μέτρων εἰς τὸ συντομώτερον δυνατὸν χρονικὸν διάστημα.

Η ΔΥΤΙΚΗ ΓΕΡΜΑΝΙΑ ΧΕΙΡΑΦΕΤΕΙΤΑΙ
ΘΑ ΕΙΣΕΛΘΗ ΕΙΣ ΤΟ ΑΤΛΑΝΤΙΚΟΝ

ΣΥΝΕΧΕΙΑ ΕΚ ΤΗΣ 1ης ΣΕΛΙΔΟΣ

Ἡ κυβέρνησις τῆς Δυτικῆς Γερμανίας ἀναλαμβάνει πλήρεις ἁρμοδιότητας εἰς τὰ ζητήματα τῆς ἐσωτερικῆς διοικήσεως, ἐνῷ αἱ Δυτικαὶ Δυνάμεις ἐξετάζουν τὴν προοπτικὴν τῆς συμμετοχῆς της εἰς τὸ Ἀτλαντικὸν Σύμφωνον.

Κατὰ τὴν συνεδρίασιν τῆς ἐπιτροπῆς ἐξητάσθησαν ὅλα τὰ σχετικὰ θέματα καὶ ἐλήφθησαν αἱ ἀναγκαῖαι ἀποφάσεις. Αἱ ἁρμόδιαι ὑπηρεσίαι θὰ προβοῦν εἰς τὴν ἐφαρμογὴν τῶν μέτρων εἰς τὸ συντομώτερον δυνατὸν χρονικὸν διάστημα.

Ἡ κυβέρνησις τῆς Δυτικῆς Γερμανίας ἀναλαμβάνει πλήρεις ἁρμοδιότητας εἰς τὰ ζητήματα τῆς ἐσωτερικῆς διοικήσεως, ἐνῷ αἱ Δυτικαὶ Δυνάμεις ἐξετάζουν τὴν προοπτικὴν τῆς συμμετοχῆς της εἰς τὸ Ἀτλαντικὸν Σύμφωνον.

Κατὰ τὴν συνεδρίασιν τῆς ἐπιτροπῆς ἐξητάσθησαν ὅλα τὰ σχετικὰ θέματα καὶ ἐλήφθησαν αἱ ἀναγκαῖαι ἀποφάσεις. Αἱ ἁρμόδιαι ὑπηρεσίαι θὰ προβοῦν εἰς τὴν ἐφαρμογὴν τῶν μέτρων εἰς τὸ συντομώτερον δυνατὸν χρονικὸν διάστημα.

Σ. ΘΕΟΔΩΡΟΥ

Ἡ κυβέρνησις τῆς Δυτικῆς Γερμανίας ἀναλαμβάνει πλήρεις ἁρμοδιότητας εἰς τὰ ζητήματα τῆς ἐσωτερικῆς διοικήσεως, ἐνῷ αἱ Δυτικαὶ Δυνάμεις ἐξετάζουν τὴν προοπτικὴν τῆς συμμετοχῆς της εἰς τὸ Ἀτλαντικὸν Σύμφωνον.

Κατὰ τὴν συνεδρίασιν τῆς ἐπιτροπῆς ἐξητάσθησαν ὅλα τὰ σχετικὰ θέματα καὶ ἐλήφθησαν αἱ ἀναγκαῖαι ἀποφάσεις. Αἱ ἁρμόδιαι ὑπηρεσίαι θὰ προβοῦν εἰς τὴν ἐφαρμογὴν τῶν μέτρων εἰς τὸ συντομώτερον δυνατὸν χρονικὸν διάστημα.

Ἡ κυβέρνησις τῆς Δυτικῆς Γερμανίας ἀναλαμβάνει πλήρεις ἁρμοδιότητας εἰς τὰ ζητήματα τῆς ἐσωτερικῆς διοικήσεως, ἐνῷ αἱ Δυτικαὶ Δυνάμεις ἐξετάζουν τὴν προοπτικὴν τῆς συμμετοχῆς της εἰς τὸ Ἀτλαντικὸν Σύμφωνον.

Κατὰ τὴν συνεδρίασιν τῆς ἐπιτροπῆς ἐξητάσθησαν ὅλα τὰ σχετικὰ θέματα καὶ ἐλήφθησαν αἱ ἀναγκαῖαι ἀποφάσεις. Αἱ ἁρμόδιαι ὑπηρεσίαι θὰ προβοῦν εἰς τὴν ἐφαρμογὴν τῶν μέτρων εἰς τὸ συντομώτερον δυνατὸν χρονικὸν διάστημα.

Κατὰ τὴν συνεδρίασιν τῆς ἐπιτροπῆς ἐξητάσθησαν ὅλα τὰ σχετικὰ θέματα καὶ ἐλήφθησαν αἱ ἀναγκαῖαι ἀποφάσεις. Αἱ ἁρμόδιαι ὑπηρεσίαι θὰ προβοῦν εἰς τὴν ἐφαρμογὴν τῶν μέτρων εἰς τὸ συντομώτερον δυνατὸν χρονικὸν διάστημα.

ΤΟ ΜΕΡΙΣΜΑ ΤΗΣ ΤΡΑΠΕΖΗΣ ΤΗΣ ΕΛΛΑΔΟΣ

Κατὰ τὴν συνεδρίασιν τῆς ἐπιτροπῆς ἐξητάσθησαν ὅλα τὰ σχετικὰ θέματα καὶ ἐλήφθησαν αἱ ἀναγκαῖαι ἀποφάσεις. Αἱ ἁρμόδιαι ὑπηρεσίαι θὰ προβοῦν εἰς τὴν ἐφαρμογὴν τῶν μέτρων εἰς τὸ συντομώτερον δυνατὸν χρονικὸν διάστημα.

Κατὰ τὴν συνεδρίασιν τῆς ἐπιτροπῆς ἐξητάσθησαν ὅλα τὰ σχετικὰ θέματα καὶ ἐλήφθησαν αἱ ἀναγκαῖαι ἀποφάσεις. Αἱ ἁρμόδιαι ὑπηρεσίαι θὰ προβοῦν εἰς τὴν ἐφαρμογὴν τῶν μέτρων εἰς τὸ συντομώτερον δυνατὸν χρονικὸν διάστημα.

Ο ΥΠΟΥΡΓΟΣ ΕΠΙΣΚΕΠΤΕΤΑΙ ΤΟΝ ΠΟΝΤΟΝ

Κατὰ τὴν συνεδρίασιν τῆς ἐπιτροπῆς ἐξητάσθησαν ὅλα τὰ σχετικὰ θέματα καὶ ἐλήφθησαν αἱ ἀναγκαῖαι ἀποφάσεις. Αἱ ἁρμόδιαι ὑπηρεσίαι θὰ προβοῦν εἰς τὴν ἐφαρμογὴν τῶν μέτρων εἰς τὸ συντομώτερον δυνατὸν χρονικὸν διάστημα.

Η ΠΟΙΟΤΗΣ ΤΟΥ ΑΡΤΟΥ

Κατὰ τὴν συνεδρίασιν τῆς ἐπιτροπῆς ἐξητάσθησαν ὅλα τὰ σχετικὰ θέματα καὶ ἐλήφθησαν αἱ ἀναγκαῖαι ἀποφάσεις. Αἱ ἁρμόδιαι ὑπηρεσίαι θὰ προβοῦν εἰς τὴν ἐφαρμογὴν τῶν μέτρων εἰς τὸ συντομώτερον δυνατὸν χρονικὸν διάστημα.

Κατὰ τὴν συνεδρίασιν τῆς ἐπιτροπῆς ἐξητάσθησαν ὅλα τὰ σχετικὰ θέματα καὶ ἐλήφθησαν αἱ ἀναγκαῖαι ἀποφάσεις. Αἱ ἁρμόδιαι ὑπηρεσίαι θὰ προβοῦν εἰς τὴν ἐφαρμογὴν τῶν μέτρων εἰς τὸ συντομώτερον δυνατὸν χρονικὸν διάστημα.

ΤΑ ΜΕΤΡΑ ΕΠΙΕΙΚΕΙΑΣ ΘΑ
ΕΧΟΥΝ ΕΥΡΥΝ ΧΑΡΑΚΤΗΡΑ
ΛΟΓΟΣ ΤΟΥ κ. Σ. ΒΕΝΙΖΕΛΟΥ

ΕΙΣ ΤΟ ΕΠΙΣΤΗΜΟΝΙΚΟΝ ΣΥΝΕΔΡΙΟΝ ΤΟΥ ΑΤΛΑΝΤΙΚ ΣΙΤΥ

ΝΕΑ ΥΟΡΚΗ, 11. (Τοῦ ἀνταποκριτοῦ μας). — Ὁ ἀντιπρόεδρος τῆς κυβερνήσεως κ. Σ. Βενιζέλος ὁμιλῶν εἰς τὸ ἐπιστημονικὸν συνέδριον τοῦ Ἀτλάντικ Σίτυ ἐτόνισεν ὅτι τὰ μέτρα ἐπιεικείας θὰ ἔχουν εὐρὺν χαρακτῆρα καὶ ὅτι ἡ Ἑλλὰς ἐπιδιώκει τὴν εἰρηνικὴν ἀνασυγκρότησιν τῆς χώρας μετὰ τὴν λῆξιν τοῦ συμμοριτοπολέμου. Ὁ κ. Βενιζέλος ἀνεφέρθη ἐπίσης εἰς τὰς προσπαθείας διὰ τὴν οἰκονομικὴν ἀνόρθωσιν.

(Τοῦ ἀνταποκριτοῦ μας). — Ὁ ἀντιπρόεδρος τῆς κυβερνήσεως κ. Σ. Βενιζέλος ὁμιλῶν εἰς τὸ ἐπιστημονικὸν συνέδριον τοῦ Ἀτλάντικ Σίτυ ἐτόνισεν ὅτι τὰ μέτρα ἐπιεικείας θὰ ἔχουν εὐρὺν χαρακτῆρα καὶ ὅτι ἡ Ἑλλὰς ἐπιδιώκει τὴν εἰρηνικὴν ἀνασυγκρότησιν τῆς χώρας μετὰ τὴν λῆξιν τοῦ συμμοριτοπολέμου. Ὁ κ. Βενιζέλος ἀνεφέρθη ἐπίσης εἰς τὰς προσπαθείας διὰ τὴν οἰκονομικὴν ἀνόρθωσιν.

(Τοῦ ἀνταποκριτοῦ μας). — Ὁ ἀντιπρόεδρος τῆς κυβερνήσεως κ. Σ. Βενιζέλος ὁμιλῶν εἰς τὸ ἐπιστημονικὸν συνέδριον τοῦ Ἀτλάντικ Σίτυ ἐτόνισεν ὅτι τὰ μέτρα ἐπιεικείας θὰ ἔχουν εὐρὺν χαρακτῆρα καὶ ὅτι ἡ Ἑλλὰς ἐπιδιώκει τὴν εἰρηνικὴν ἀνασυγκρότησιν τῆς χώρας μετὰ τὴν λῆξιν τοῦ συμμοριτοπολέμου. Ὁ κ. Βενιζέλος ἀνεφέρθη ἐπίσης εἰς τὰς προσπαθείας διὰ τὴν οἰκονομικὴν ἀνόρθωσιν.

(Τοῦ ἀνταποκριτοῦ μας). — Ὁ ἀντιπρόεδρος τῆς κυβερνήσεως κ. Σ. Βενιζέλος ὁμιλῶν εἰς τὸ ἐπιστημονικὸν συνέδριον τοῦ Ἀτλάντικ Σίτυ ἐτόνισεν ὅτι τὰ μέτρα ἐπιεικείας θὰ ἔχουν εὐρὺν χαρακτῆρα καὶ ὅτι ἡ Ἑλλὰς ἐπιδιώκει τὴν εἰρηνικὴν ἀνασυγκρότησιν τῆς χώρας μετὰ τὴν λῆξιν τοῦ συμμοριτοπολέμου. Ὁ κ. Βενιζέλος ἀνεφέρθη ἐπίσης εἰς τὰς προσπαθείας διὰ τὴν οἰκονομικὴν ἀνόρθωσιν.

(Τοῦ ἀνταποκριτοῦ μας). — Ὁ ἀντιπρόεδρος τῆς κυβερνήσεως κ. Σ. Βενιζέλος ὁμιλῶν εἰς τὸ ἐπιστημονικὸν συνέδριον τοῦ Ἀτλάντικ Σίτυ ἐτόνισεν ὅτι τὰ μέτρα ἐπιεικείας θὰ ἔχουν εὐρὺν χαρακτῆρα καὶ ὅτι ἡ Ἑλλὰς ἐπιδιώκει τὴν εἰρηνικὴν ἀνασυγκρότησιν τῆς χώρας μετὰ τὴν λῆξιν τοῦ συμμοριτοπολέμου. Ὁ κ. Βενιζέλος ἀνεφέρθη ἐπίσης εἰς τὰς προσπαθείας διὰ τὴν οἰκονομικὴν ἀνόρθωσιν.

Π. ΚΑΡΑΒΙΑΣ

Η ΑΠΑΝΤΗΣΙΣ ΤΟΥ Κ. ΤΣΑΛΔΑΡΗ ΔΙΑ
ΤΟ ΖΗΤΗΜΑ ΤΩΝ ΑΓΟΡΑΠΩΛΗΣΙΩΝ

Ὁ ὑπουργὸς τῶν Ἐξωτερικῶν κ. Τσαλδάρης ἀπαντῶν εἰς ἐρώτησιν σχετικῶς μὲ τὸ ζήτημα τῶν ἀγοραπωλησιῶν ἐδήλωσεν ὅτι ἡ κυβέρνησις θὰ μελετήσῃ τὰς σχετικὰς προτάσεις.

Ὁ ὑπουργὸς τῶν Ἐξωτερικῶν κ. Τσαλδάρης ἀπαντῶν εἰς ἐρώτησιν σχετικῶς μὲ τὸ ζήτημα τῶν ἀγοραπωλησιῶν ἐδήλωσεν ὅτι ἡ κυβέρνησις θὰ μελετήσῃ τὰς σχετικὰς προτάσεις.

Ὁ ὑπουργὸς τῶν Ἐξωτερικῶν κ. Τσαλδάρης ἀπαντῶν εἰς ἐρώτησιν σχετικῶς μὲ τὸ ζήτημα τῶν ἀγοραπωλησιῶν ἐδήλωσεν ὅτι ἡ κυβέρνησις θὰ μελετήσῃ τὰς σχετικὰς προτάσεις.

ΔΕΝ ΘΑ ΑΝΑΜΙΧΘΗ Η ΡΩΣΣΙΑ ΕΙΣ
ΤΑ ΕΣΩΤΕΡΙΚΑ ΤΩΝ ΚΑΠΙΤΑΛΙΣΤΙΚΩΝ
ΧΩΡΩΝ, ΔΗΛΩΝΕΙ Ο Κ. ΒΙΣΙΝΣΚΥ

ΝΕΑ ΥΟΡΚΗ, 11. (Ἰδ. ἀν.) — Ὁ Σοβιετικὸς ὑπουργὸς τῶν Ἐξωτερικῶν κ. Βισίνσκυ ἐδήλωσεν ὅτι ἡ Σοβιετικὴ Ἕνωσις δὲν θὰ ἀναμιχθῇ εἰς τὰ ἐσωτερικὰ ζητήματα τῶν καπιταλιστικῶν χωρῶν.

(Ἰδ. ἀν.) — Ὁ Σοβιετικὸς ὑπουργὸς τῶν Ἐξωτερικῶν κ. Βισίνσκυ ἐδήλωσεν ὅτι ἡ Σοβιετικὴ Ἕνωσις δὲν θὰ ἀναμιχθῇ εἰς τὰ ἐσωτερικὰ ζητήματα τῶν καπιταλιστικῶν χωρῶν.

(Ἰδ. ἀν.) — Ὁ Σοβιετικὸς ὑπουργὸς τῶν Ἐξωτερικῶν κ. Βισίνσκυ ἐδήλωσεν ὅτι ἡ Σοβιετικὴ Ἕνωσις δὲν θὰ ἀναμιχθῇ εἰς τὰ ἐσωτερικὰ ζητήματα τῶν καπιταλιστικῶν χωρῶν.

(Ἰδ. ἀν.) — Ὁ Σοβιετικὸς ὑπουργὸς τῶν Ἐξωτερικῶν κ. Βισίνσκυ ἐδήλωσεν ὅτι ἡ Σοβιετικὴ Ἕνωσις δὲν θὰ ἀναμιχθῇ εἰς τὰ ἐσωτερικὰ ζητήματα τῶν καπιταλιστικῶν χωρῶν.

ΕΛΕΥΘΕΡΑ Η ΕΙΣΑΓΩΓΗ ΒΑΜΒΑΚΟΣ

Κατὰ τὴν χθεσινὴν συνεδρίασιν τῆς Ἐπιτροπῆς Ἐξωτερικοῦ Ἐμπορίου ἀπεφασίσθη ὅπως ἡ εἰσαγωγὴ βάμβακος εἶναι ἐλευθέρα ἄνευ οὐδενὸς περιορισμοῦ.

Κατὰ τὴν χθεσινὴν συνεδρίασιν τῆς Ἐπιτροπῆς Ἐξωτερικοῦ Ἐμπορίου ἀπεφασίσθη ὅπως ἡ εἰσαγωγὴ βάμβακος εἶναι ἐλευθέρα ἄνευ οὐδενὸς περιορισμοῦ.

Ο Κ. ΔΙΟΜΗΔΗΣ ΕΙΣ ΤΑ ΑΝΑΚΤΟΡΑ

Κατὰ τὴν συνεδρίασιν τῆς ἐπιτροπῆς ἐξητάσθησαν ὅλα τὰ σχετικὰ θέματα καὶ ἐλήφθησαν αἱ ἀναγκαῖαι ἀποφάσεις. Αἱ ἁρμόδιαι ὑπηρεσίαι θὰ προβοῦν εἰς τὴν ἐφαρμογὴν τῶν μέτρων εἰς τὸ συντομώτερον δυνατὸν χρονικὸν διάστημα.

ΚΑΤΑΔΙΚΗ ΔΙΓΑΜΟΥ

Κατὰ τὴν συνεδρίασιν τῆς ἐπιτροπῆς ἐξητάσθησαν ὅλα τὰ σχετικὰ θέματα καὶ ἐλήφθησαν αἱ ἀναγκαῖαι ἀποφάσεις. Αἱ ἁρμόδιαι ὑπηρεσίαι θὰ προβοῦν εἰς τὴν ἐφαρμογὴν τῶν μέτρων εἰς τὸ συντομώτερον δυνατὸν χρονικὸν διάστημα.

ΜΠΛΟΦΑΡΕΙ Ο ΒΙΣΙΝΣΚΥ

ΣΥΝΕΧΕΙΑ ΕΚ ΤΗΣ 1ης ΣΕΛΙΔΟΣ

Κατὰ τὴν συνεδρίασιν τῆς ἐπιτροπῆς ἐξητάσθησαν ὅλα τὰ σχετικὰ θέματα καὶ ἐλήφθησαν αἱ ἀναγκαῖαι ἀποφάσεις. Αἱ ἁρμόδιαι ὑπηρεσίαι θὰ προβοῦν εἰς τὴν ἐφαρμογὴν τῶν μέτρων εἰς τὸ συντομώτερον δυνατὸν χρονικὸν διάστημα.

Κατὰ τὴν συνεδρίασιν τῆς ἐπιτροπῆς ἐξητάσθησαν ὅλα τὰ σχετικὰ θέματα καὶ ἐλήφθησαν αἱ ἀναγκαῖαι ἀποφάσεις. Αἱ ἁρμόδιαι ὑπηρεσίαι θὰ προβοῦν εἰς τὴν ἐφαρμογὴν τῶν μέτρων εἰς τὸ συντομώτερον δυνατὸν χρονικὸν διάστημα.

Η ΑΠΕΡΓΙΑΚΗ ΚΙΝΗΣΙΣ ΔΙΑ ΤΟ 40 %

Κατὰ τὴν συνεδρίασιν τῆς ἐπιτροπῆς ἐξητάσθησαν ὅλα τὰ σχετικὰ θέματα καὶ ἐλήφθησαν αἱ ἀναγκαῖαι ἀποφάσεις. Αἱ ἁρμόδιαι ὑπηρεσίαι θὰ προβοῦν εἰς τὴν ἐφαρμογὴν τῶν μέτρων εἰς τὸ συντομώτερον δυνατὸν χρονικὸν διάστημα.

ΕΙΣ ΤΟΝ ΠΕΙΡΑΙΑ

Κατὰ τὴν συνεδρίασιν τῆς ἐπιτροπῆς ἐξητάσθησαν ὅλα τὰ σχετικὰ θέματα καὶ ἐλήφθησαν αἱ ἀναγκαῖαι ἀποφάσεις. Αἱ ἁρμόδιαι ὑπηρεσίαι θὰ προβοῦν εἰς τὴν ἐφαρμογὴν τῶν μέτρων εἰς τὸ συντομώτερον δυνατὸν χρονικὸν διάστημα.

ΤΖΙΠ ΕΝΑΝΤΙΟΝ ΤΑΞΙ

Κατὰ τὴν συνεδρίασιν τῆς ἐπιτροπῆς ἐξητάσθησαν ὅλα τὰ σχετικὰ θέματα καὶ ἐλήφθησαν αἱ ἀναγκαῖαι ἀποφάσεις. Αἱ ἁρμόδιαι ὑπηρεσίαι θὰ προβοῦν εἰς τὴν ἐφαρμογὴν τῶν μέτρων εἰς τὸ συντομώτερον δυνατὸν χρονικὸν διάστημα.

Κατὰ τὴν συνεδρίασιν τῆς ἐπιτροπῆς ἐξητάσθησαν ὅλα τὰ σχετικὰ θέματα καὶ ἐλήφθησαν αἱ ἀναγκαῖαι ἀποφάσεις. Αἱ ἁρμόδιαι ὑπηρεσίαι θὰ προβοῦν εἰς τὴν ἐφαρμογὴν τῶν μέτρων εἰς τὸ συντομώτερον δυνατὸν χρονικὸν διάστημα.
